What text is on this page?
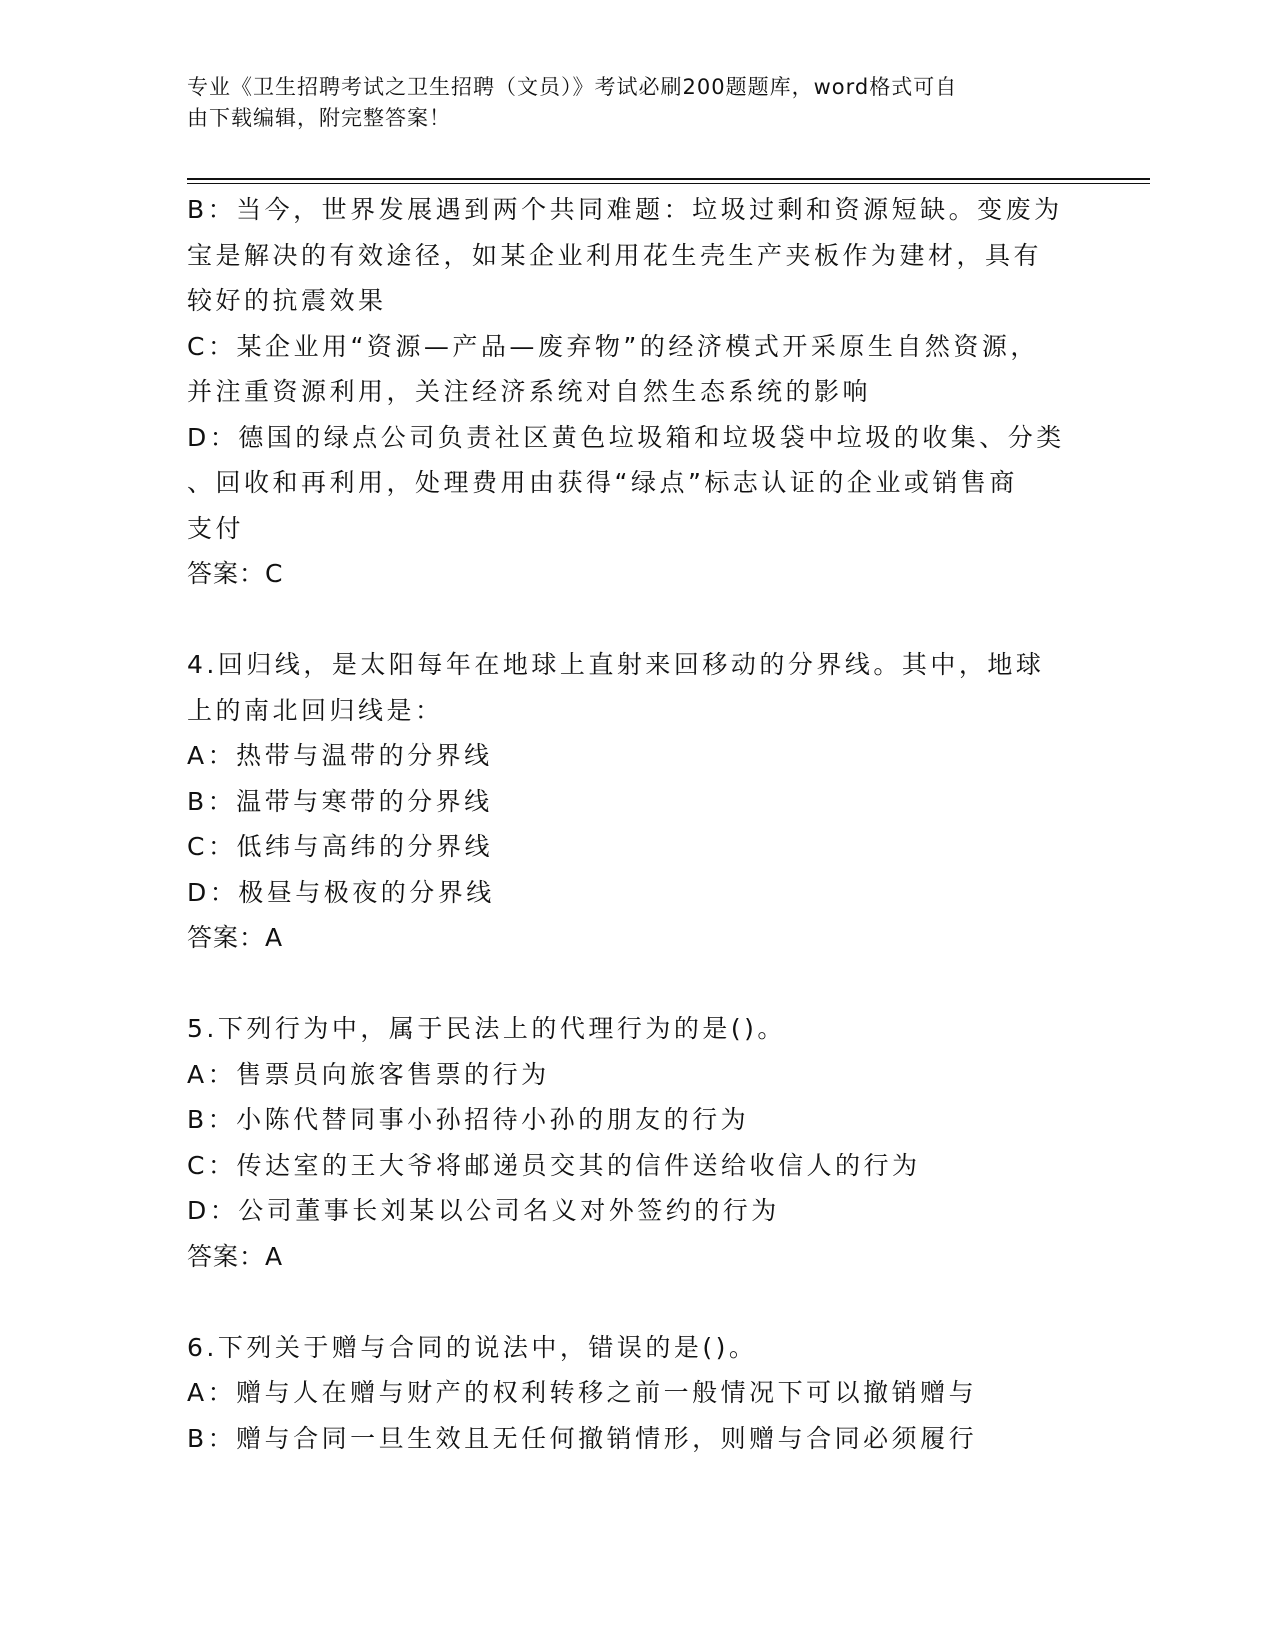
专业《卫生招聘考试之卫生招聘（文员）》考试必刷200题题库，word格式可自
由下载编辑，附完整答案！
B：当今，世界发展遇到两个共同难题：垃圾过剩和资源短缺。变废为
宝是解决的有效途径，如某企业利用花生壳生产夹板作为建材，具有
较好的抗震效果
C：某企业用“资源—产品—废弃物”的经济模式开采原生自然资源，
并注重资源利用，关注经济系统对自然生态系统的影响
D：德国的绿点公司负责社区黄色垃圾箱和垃圾袋中垃圾的收集、分类
、回收和再利用，处理费用由获得“绿点”标志认证的企业或销售商
支付
答案：C
4.回归线，是太阳每年在地球上直射来回移动的分界线。其中，地球
上的南北回归线是：
A：热带与温带的分界线
B：温带与寒带的分界线
C：低纬与高纬的分界线
D：极昼与极夜的分界线
答案：A
5.下列行为中，属于民法上的代理行为的是()。
A：售票员向旅客售票的行为
B：小陈代替同事小孙招待小孙的朋友的行为
C：传达室的王大爷将邮递员交其的信件送给收信人的行为
D：公司董事长刘某以公司名义对外签约的行为
答案：A
6.下列关于赠与合同的说法中，错误的是()。
A：赠与人在赠与财产的权利转移之前一般情况下可以撤销赠与
B：赠与合同一旦生效且无任何撤销情形，则赠与合同必须履行
